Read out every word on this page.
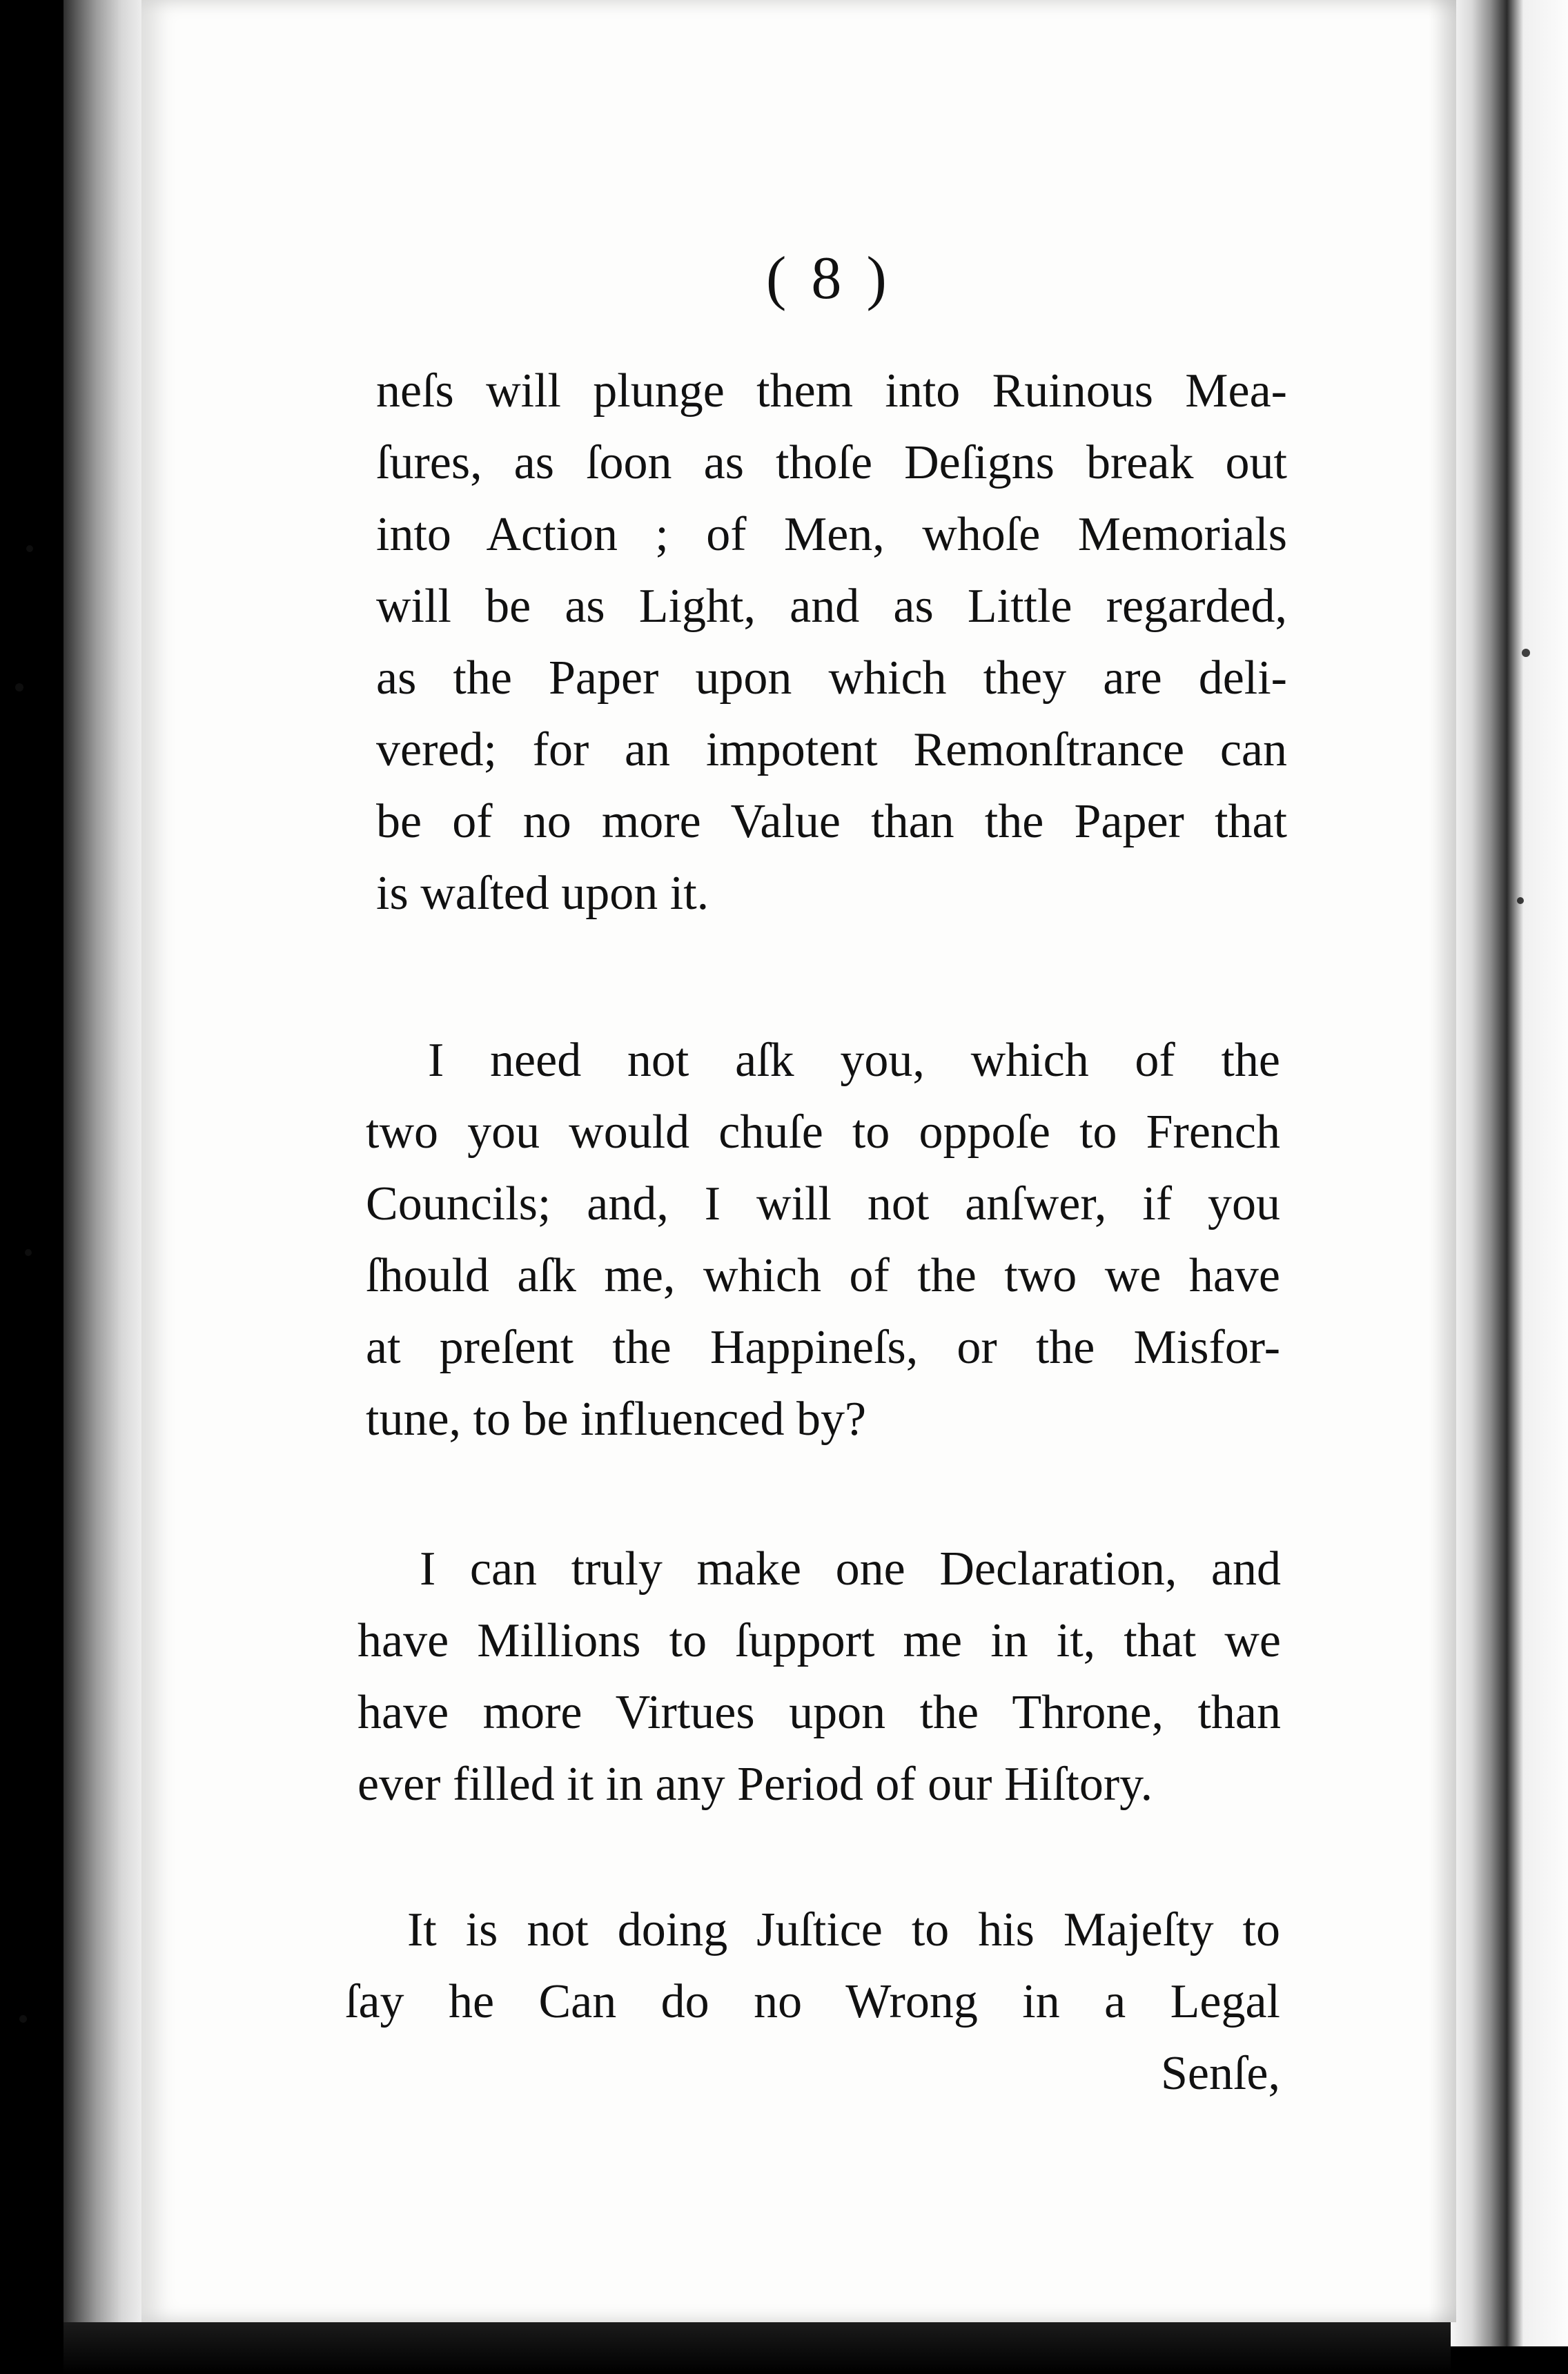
( 8 )
neſs will plunge them into Ruinous Mea-
ſures, as ſoon as thoſe Deſigns break out
into Action ; of Men, whoſe Memorials
will be as Light, and as Little regarded,
as the Paper upon which they are deli-
vered; for an impotent Remonſtrance can
be of no more Value than the Paper that
is waſted upon it.
I need not aſk you, which of the
two you would chuſe to oppoſe to French
Councils; and, I will not anſwer, if you
ſhould aſk me, which of the two we have
at preſent the Happineſs, or the Misfor-
tune, to be influenced by?
I can truly make one Declaration, and
have Millions to ſupport me in it, that we
have more Virtues upon the Throne, than
ever filled it in any Period of our Hiſtory.
It is not doing Juſtice to his Majeſty to
ſay he Can do no Wrong in a Legal
Senſe,
